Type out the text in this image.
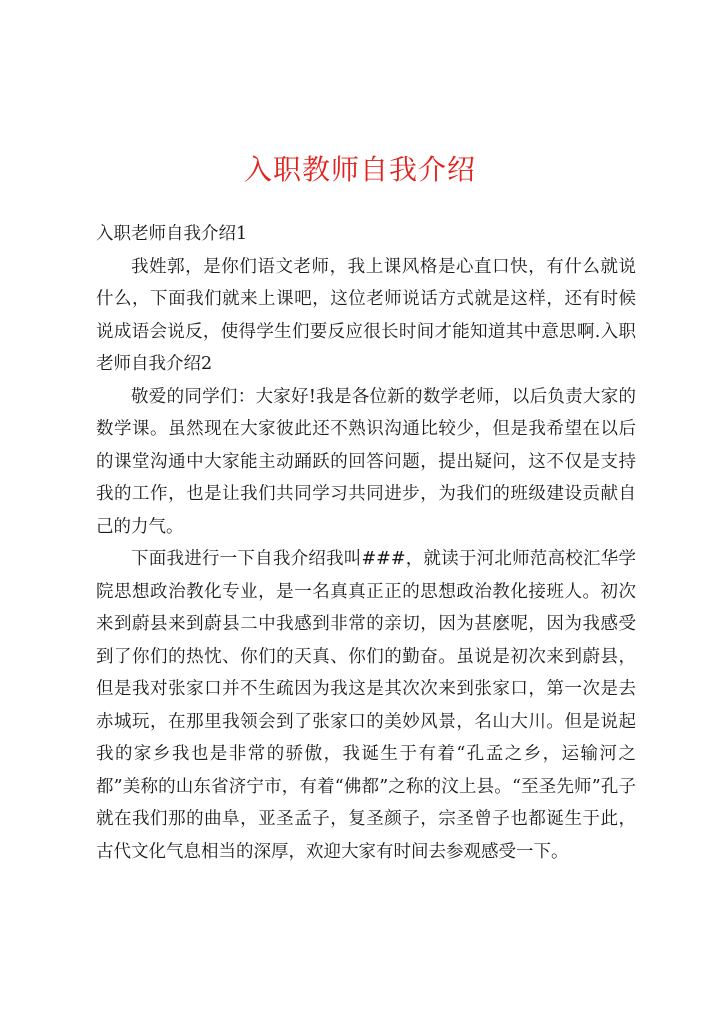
入职教师自我介绍

入职老师自我介绍1

我姓郭，是你们语文老师，我上课风格是心直口快，有什么就说什么，下面我们就来上课吧，这位老师说话方式就是这样，还有时候说成语会说反，使得学生们要反应很长时间才能知道其中意思啊.入职老师自我介绍2

敬爱的同学们：大家好!我是各位新的数学老师，以后负责大家的数学课。虽然现在大家彼此还不熟识沟通比较少，但是我希望在以后的课堂沟通中大家能主动踊跃的回答问题，提出疑问，这不仅是支持我的工作，也是让我们共同学习共同进步，为我们的班级建设贡献自己的力气。

下面我进行一下自我介绍我叫###，就读于河北师范高校汇华学院思想政治教化专业，是一名真真正正的思想政治教化接班人。初次来到蔚县来到蔚县二中我感到非常的亲切，因为甚麽呢，因为我感受到了你们的热忱、你们的天真、你们的勤奋。虽说是初次来到蔚县，但是我对张家口并不生疏因为我这是其次次来到张家口，第一次是去赤城玩，在那里我领会到了张家口的美妙风景，名山大川。但是说起我的家乡我也是非常的骄傲，我诞生于有着“孔孟之乡，运输河之都”美称的山东省济宁市，有着“佛都”之称的汶上县。“至圣先师”孔子就在我们那的曲阜，亚圣孟子，复圣颜子，宗圣曾子也都诞生于此，古代文化气息相当的深厚，欢迎大家有时间去参观感受一下。
